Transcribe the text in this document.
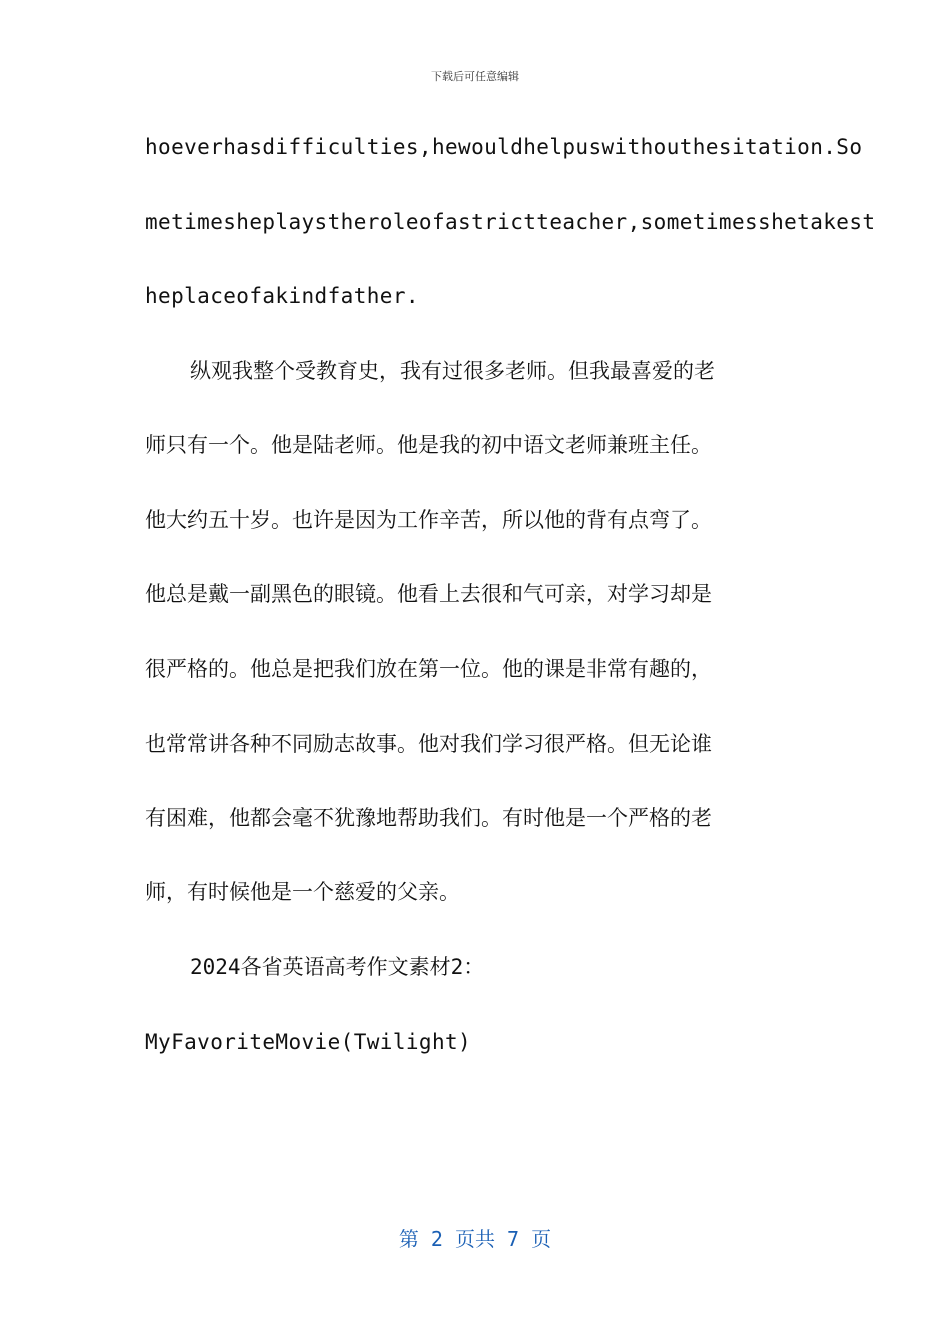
下载后可任意编辑
hoeverhasdifficulties,hewouldhelpuswithouthesitation.So
metimesheplaystheroleofastrictteacher,sometimesshetakest
heplaceofakindfather.
纵观我整个受教育史，我有过很多老师。但我最喜爱的老
师只有一个。他是陆老师。他是我的初中语文老师兼班主任。
他大约五十岁。也许是因为工作辛苦，所以他的背有点弯了。
他总是戴一副黑色的眼镜。他看上去很和气可亲，对学习却是
很严格的。他总是把我们放在第一位。他的课是非常有趣的，
也常常讲各种不同励志故事。他对我们学习很严格。但无论谁
有困难，他都会毫不犹豫地帮助我们。有时他是一个严格的老
师，有时候他是一个慈爱的父亲。
2024各省英语高考作文素材2：
MyFavoriteMovie(Twilight)
第 2 页共 7 页
